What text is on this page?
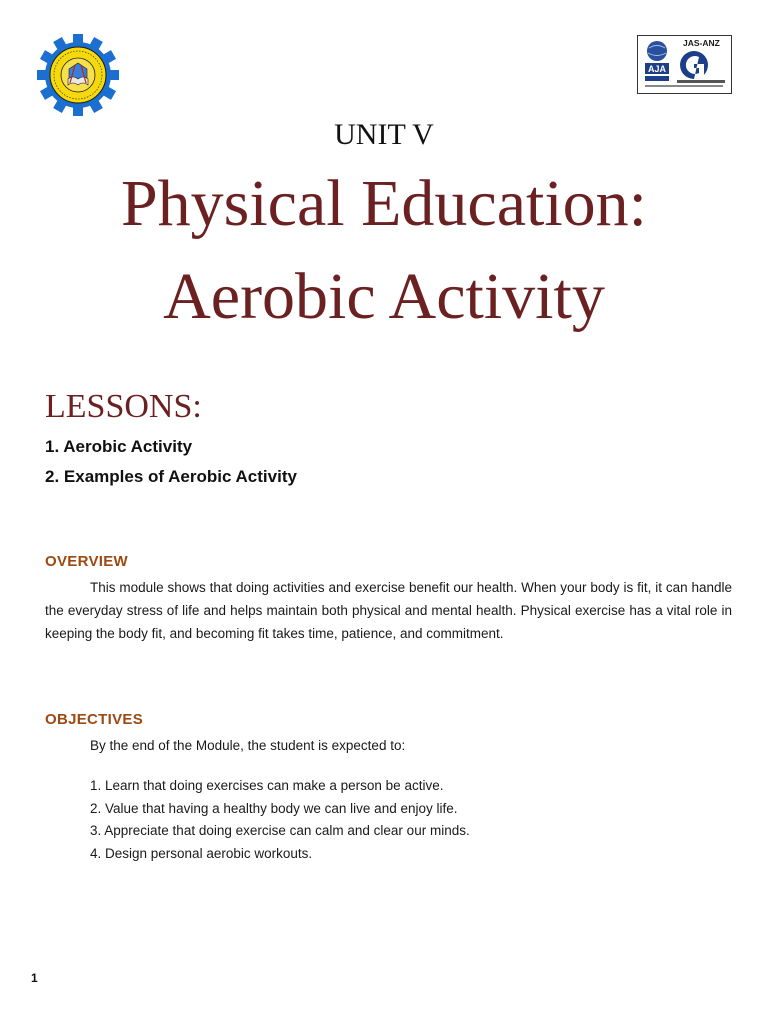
AJA
JAS-ANZ
UNIT V
Physical Education:
Aerobic Activity
LESSONS:
1. Aerobic Activity
2. Examples of Aerobic Activity
OVERVIEW
This module shows that doing activities and exercise benefit our health. When your body is fit, it can handle the everyday stress of life and helps maintain both physical and mental health. Physical exercise has a vital role in keeping the body fit, and becoming fit takes time, patience, and commitment.
OBJECTIVES
By the end of the Module, the student is expected to:
1. Learn that doing exercises can make a person be active.
2. Value that having a healthy body we can live and enjoy life.
3. Appreciate that doing exercise can calm and clear our minds.
4. Design personal aerobic workouts.
1
